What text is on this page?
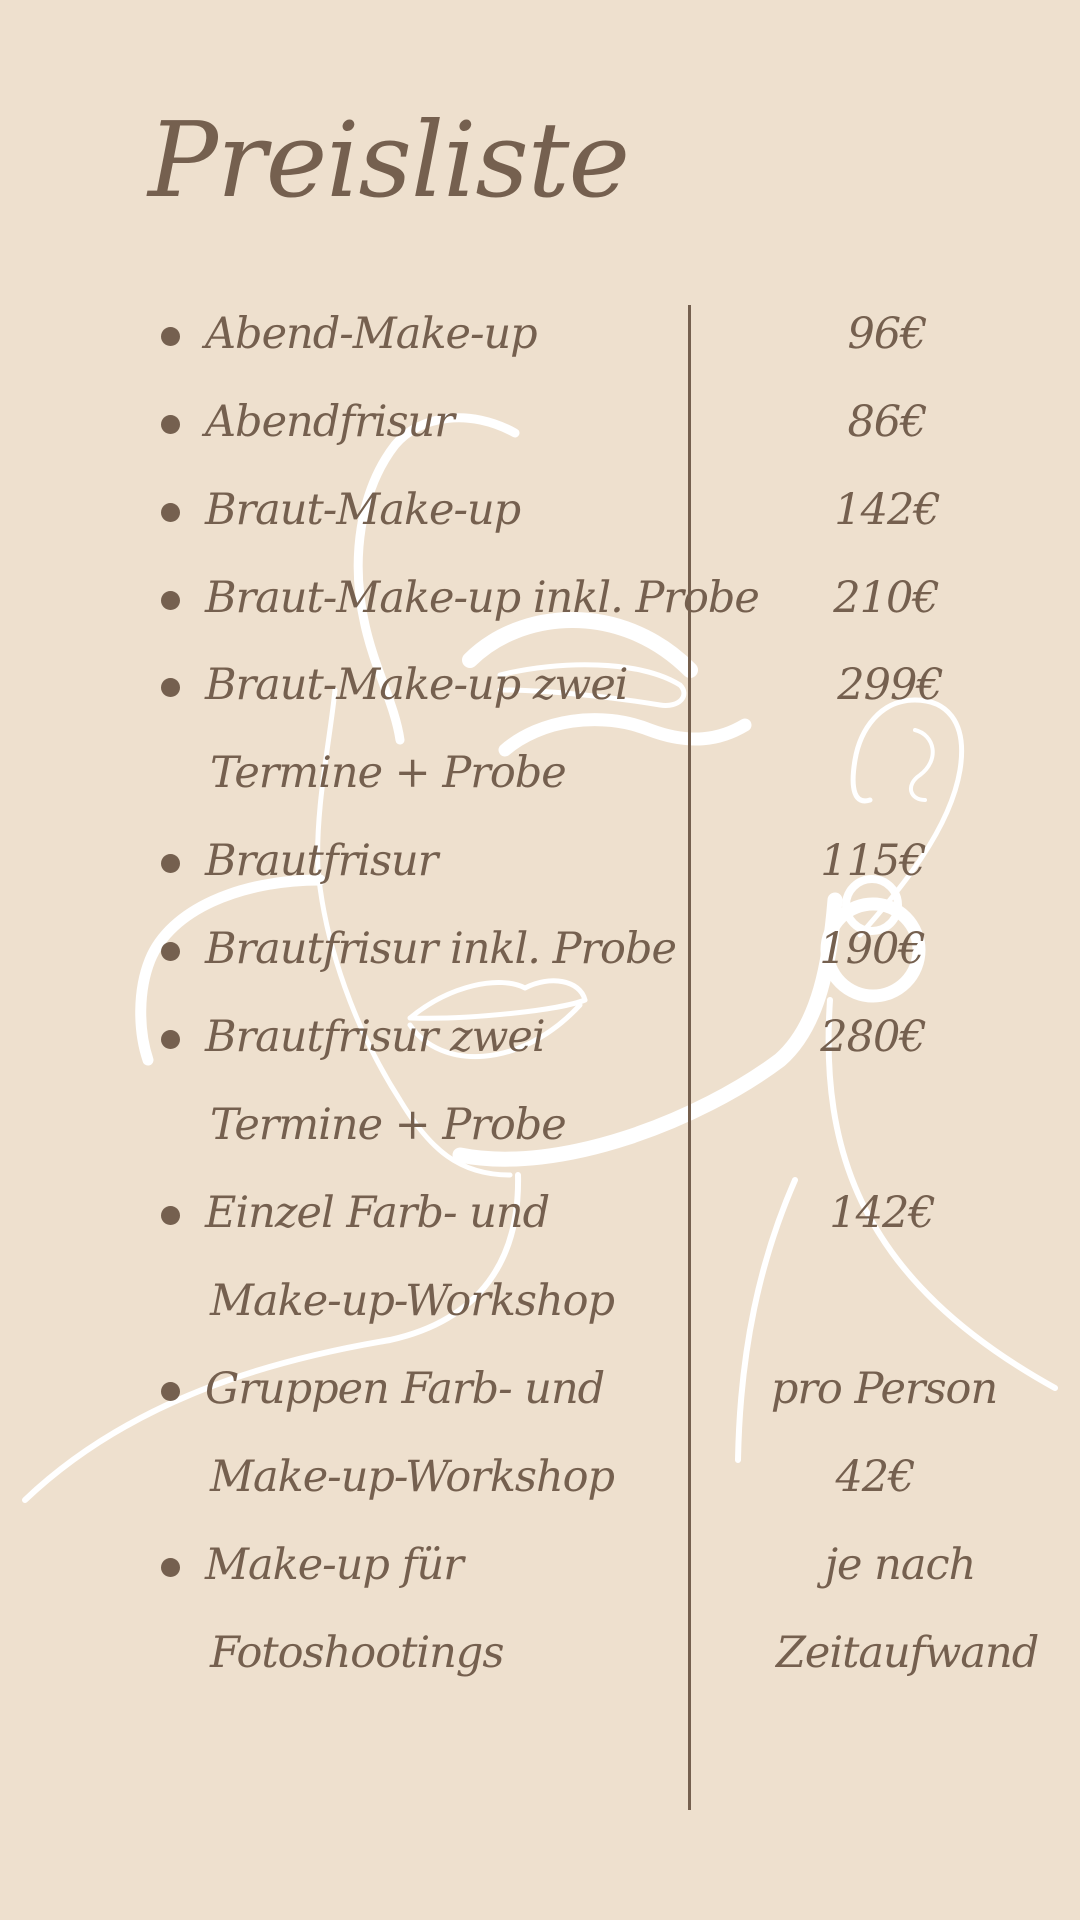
Preisliste
Abend-Make-up	96€
Abendfrisur	86€
Braut-Make-up	142€
Braut-Make-up inkl. Probe	210€
Braut-Make-up zwei	299€
Termine + Probe
Brautfrisur	115€
Brautfrisur inkl. Probe	190€
Brautfrisur zwei	280€
Termine + Probe
Einzel Farb- und	142€
Make-up-Workshop
Gruppen Farb- und	pro Person
Make-up-Workshop	42€
Make-up für	je nach
Fotoshootings	Zeitaufwand
